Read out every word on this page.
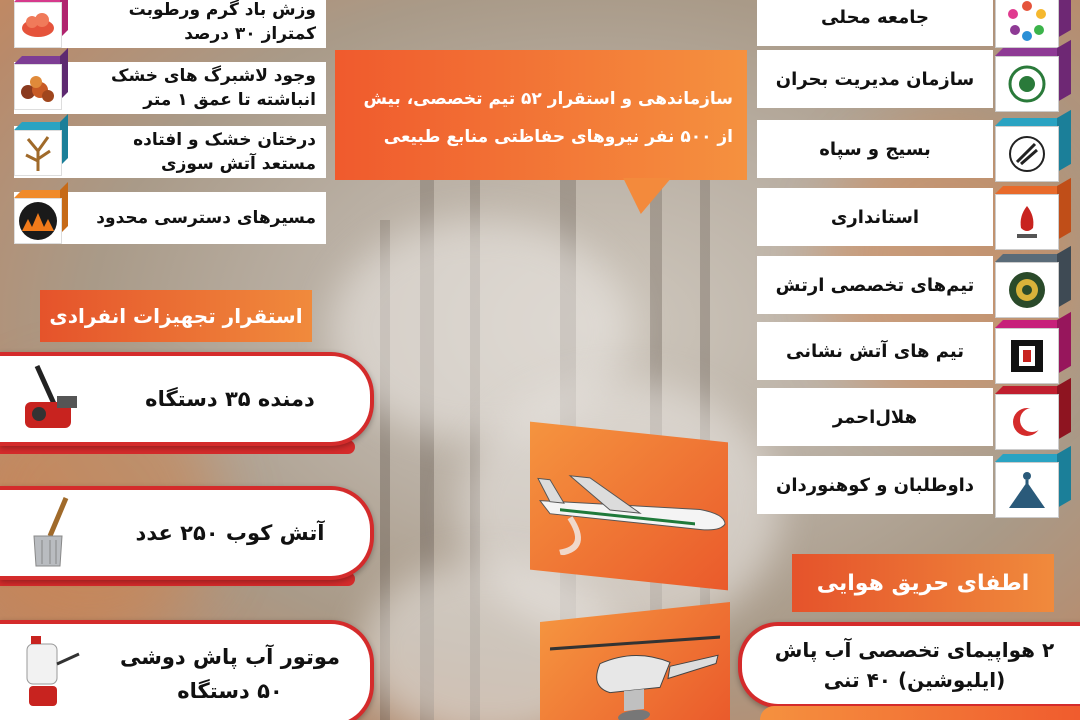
وزش باد گرم ورطوبت
کمتراز ۳۰ درصد
وجود لاشبرگ های خشک
انباشته تا عمق ۱ متر
درختان خشک و افتاده
مستعد آتش سوزی
مسیرهای دسترسی محدود
استقرار تجهیزات انفرادی
دمنده ۳۵ دستگاه
آتش کوب ۲۵۰ عدد
موتور آب پاش دوشی
۵۰ دستگاه
سازماندهی و استقرار ۵۲ تیم تخصصی، بیش
از ۵۰۰ نفر نیروهای حفاظتی منابع طبیعی
جامعه محلی
سازمان مدیریت بحران
بسیج و سپاه
استانداری
تیم‌های تخصصی ارتش
تیم های آتش نشانی
هلال‌احمر
داوطلبان و کوهنوردان
اطفای حریق هوایی
۲ هواپیمای تخصصی آب پاش
(ایلیوشین) ۴۰ تنی
